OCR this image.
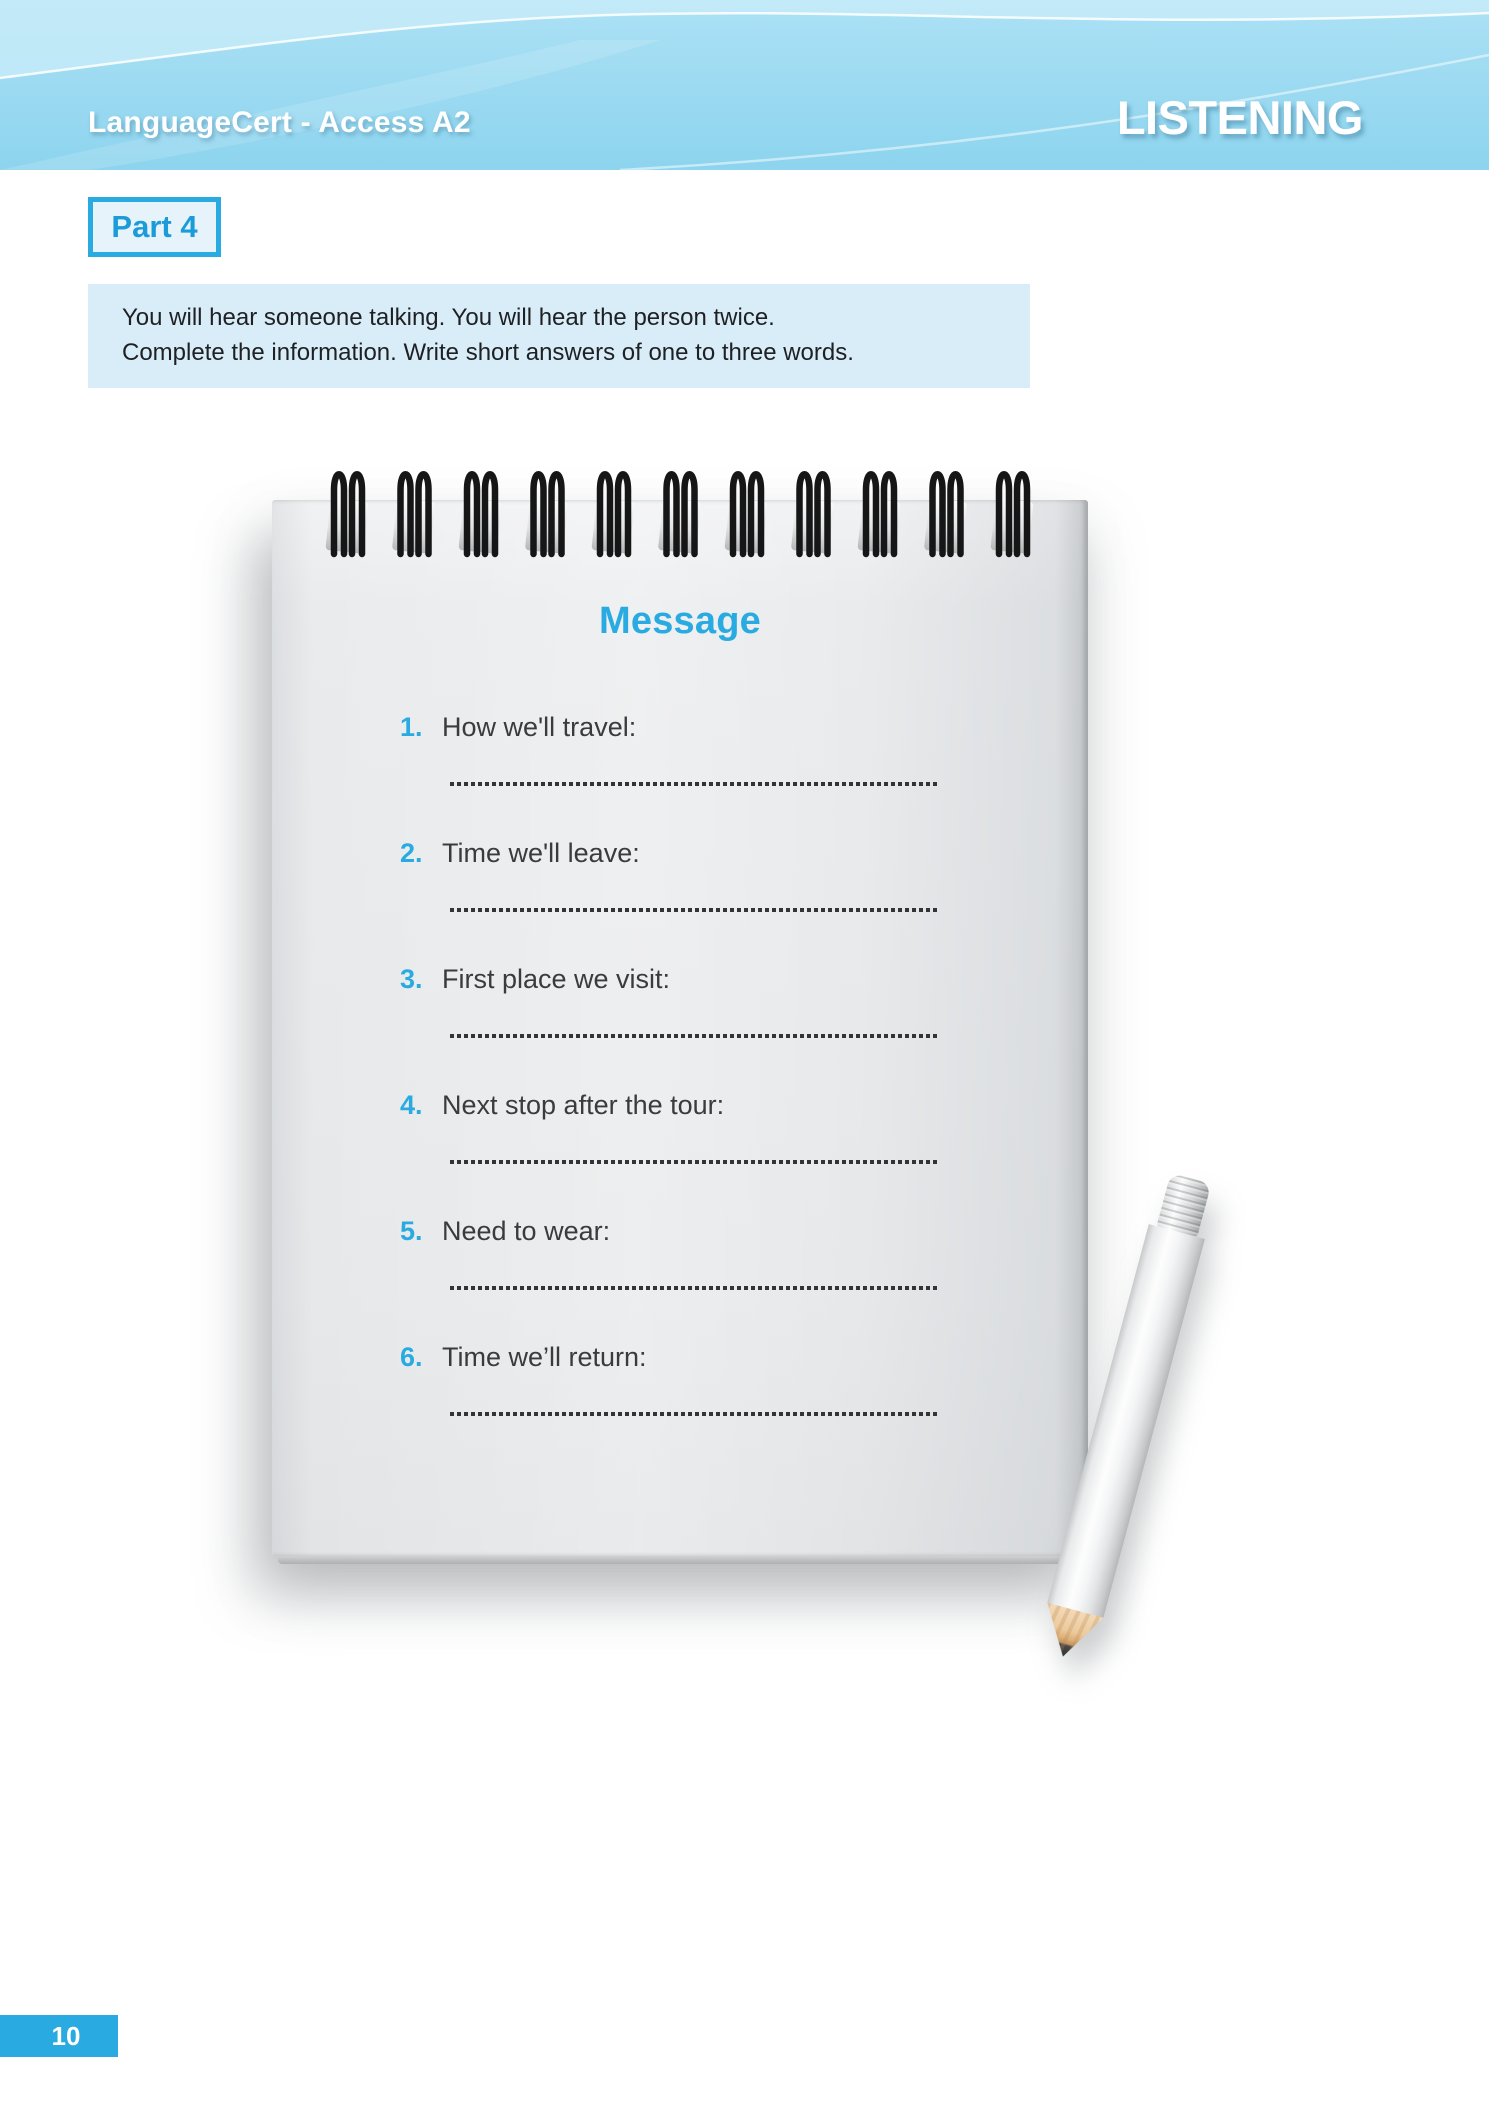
LanguageCert - Access A2	LISTENING
Part 4
You will hear someone talking. You will hear the person twice.
Complete the information. Write short answers of one to three words.
Message
1. How we'll travel:
2. Time we'll leave:
3. First place we visit:
4. Next stop after the tour:
5. Need to wear:
6. Time we’ll return:
10
